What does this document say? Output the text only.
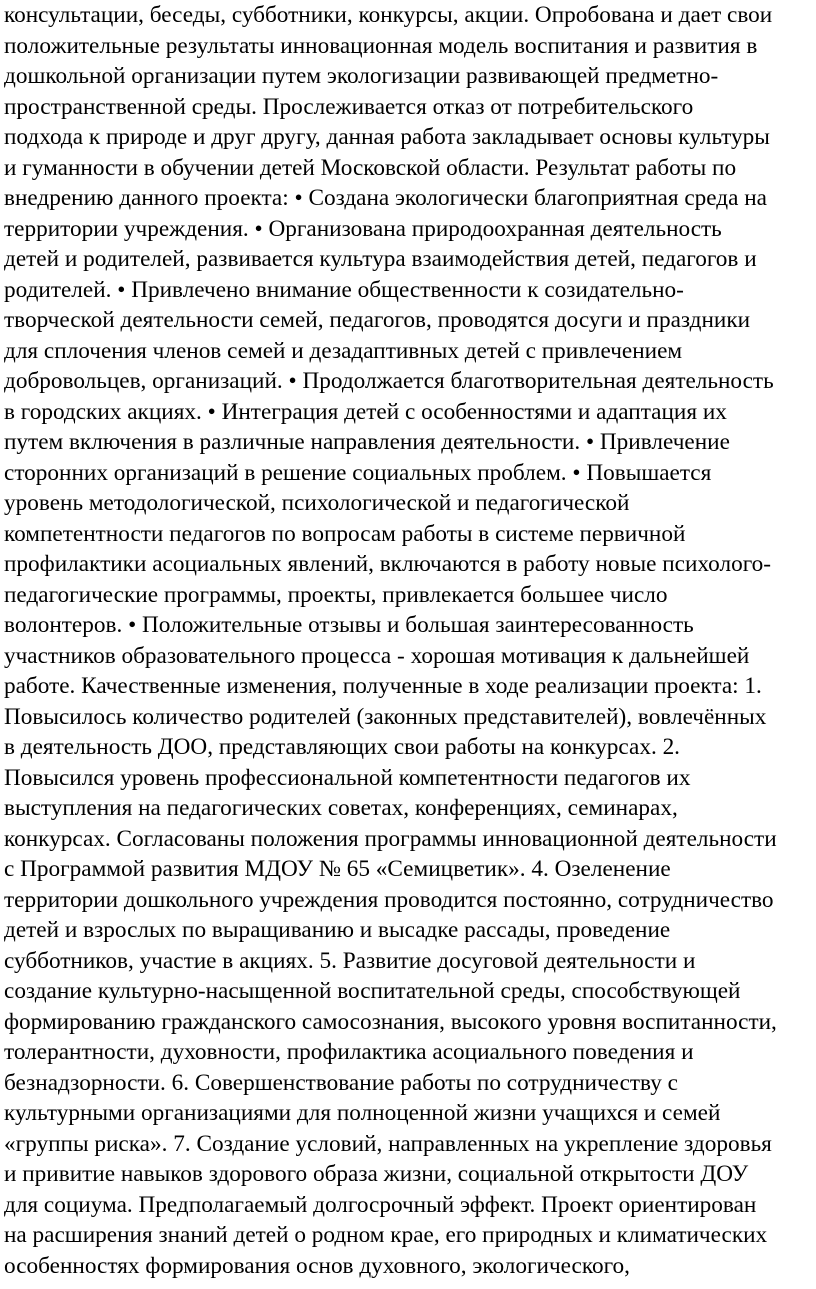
консультации, беседы, субботники, конкурсы, акции. Опробована и дает свои
положительные результаты инновационная модель воспитания и развития в
дошкольной организации путем экологизации развивающей предметно-
пространственной среды. Прослеживается отказ от потребительского
подхода к природе и друг другу, данная работа закладывает основы культуры
и гуманности в обучении детей Московской области. Результат работы по
внедрению данного проекта: • Создана экологически благоприятная среда на
территории учреждения. • Организована природоохранная деятельность
детей и родителей, развивается культура взаимодействия детей, педагогов и
родителей. • Привлечено внимание общественности к созидательно-
творческой деятельности семей, педагогов, проводятся досуги и праздники
для сплочения членов семей и дезадаптивных детей с привлечением
добровольцев, организаций. • Продолжается благотворительная деятельность
в городских акциях. • Интеграция детей с особенностями и адаптация их
путем включения в различные направления деятельности. • Привлечение
сторонних организаций в решение социальных проблем. • Повышается
уровень методологической, психологической и педагогической
компетентности педагогов по вопросам работы в системе первичной
профилактики асоциальных явлений, включаются в работу новые психолого-
педагогические программы, проекты, привлекается большее число
волонтеров. • Положительные отзывы и большая заинтересованность
участников образовательного процесса - хорошая мотивация к дальнейшей
работе. Качественные изменения, полученные в ходе реализации проекта: 1.
Повысилось количество родителей (законных представителей), вовлечённых
в деятельность ДОО, представляющих свои работы на конкурсах. 2.
Повысился уровень профессиональной компетентности педагогов их
выступления на педагогических советах, конференциях, семинарах,
конкурсах. Согласованы положения программы инновационной деятельности
с Программой развития МДОУ № 65 «Семицветик». 4. Озеленение
территории дошкольного учреждения проводится постоянно, сотрудничество
детей и взрослых по выращиванию и высадке рассады, проведение
субботников, участие в акциях. 5. Развитие досуговой деятельности и
создание культурно-насыщенной воспитательной среды, способствующей
формированию гражданского самосознания, высокого уровня воспитанности,
толерантности, духовности, профилактика асоциального поведения и
безнадзорности. 6. Совершенствование работы по сотрудничеству с
культурными организациями для полноценной жизни учащихся и семей
«группы риска». 7. Создание условий, направленных на укрепление здоровья
и привитие навыков здорового образа жизни, социальной открытости ДОУ
для социума. Предполагаемый долгосрочный эффект. Проект ориентирован
на расширения знаний детей о родном крае, его природных и климатических
особенностях формирования основ духовного, экологического,
